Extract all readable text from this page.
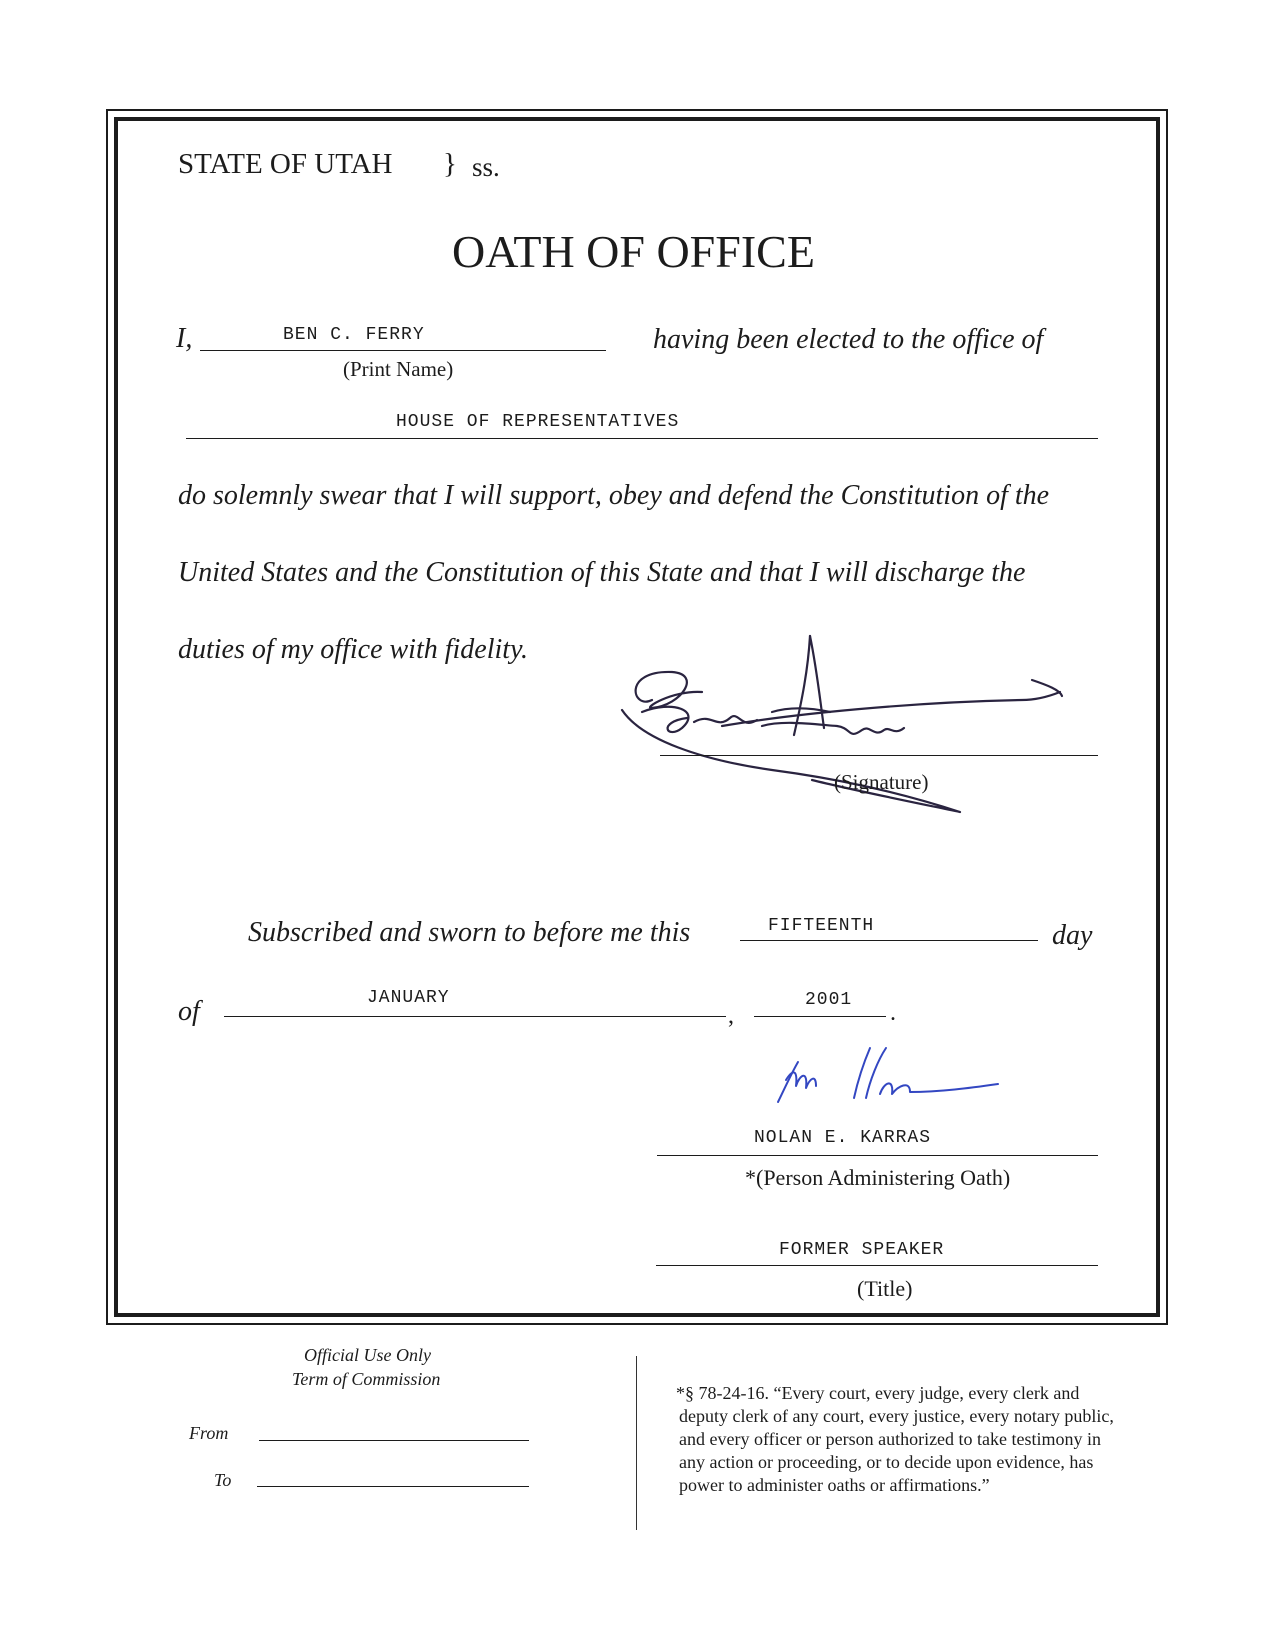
STATE OF UTAH } ss.
OATH OF OFFICE
I,	BEN C. FERRY
(Print Name)
having been elected to the office of
HOUSE OF REPRESENTATIVES
do solemnly swear that I will support, obey and defend the Constitution of the
United States and the Constitution of this State and that I will discharge the
duties of my office with fidelity.
(Signature)
Subscribed and sworn to before me this	FIFTEENTH	day
of	JANUARY
,
2001 .
NOLAN E. KARRAS
*(Person Administering Oath)
FORMER SPEAKER
(Title)
Official Use Only
Term of Commission
From
To
*§ 78-24-16. “Every court, every judge, every clerk and
deputy clerk of any court, every justice, every notary public,
and every officer or person authorized to take testimony in
any action or proceeding, or to decide upon evidence, has
power to administer oaths or affirmations.”
